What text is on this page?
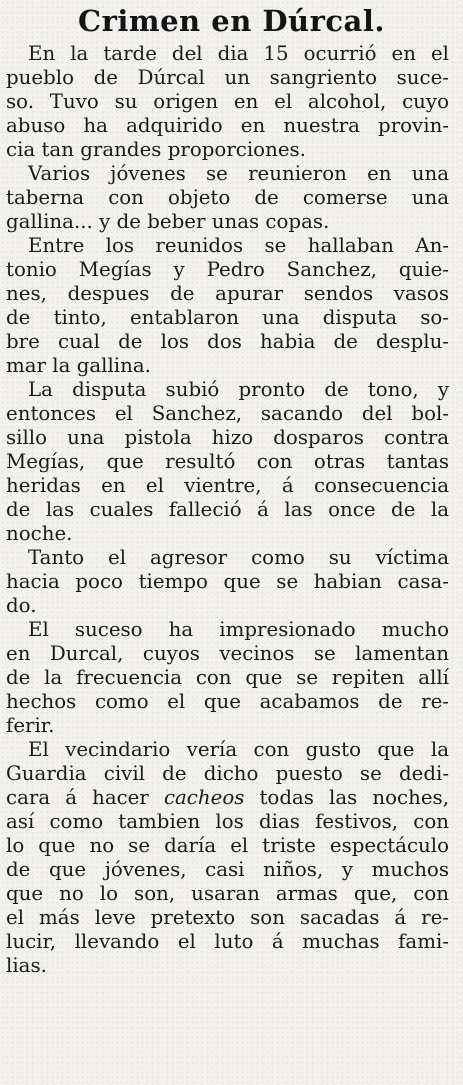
Crimen en Dúrcal.
En la tarde del dia 15 ocurrió en el
pueblo de Dúrcal un sangriento suce-
so. Tuvo su origen en el alcohol, cuyo
abuso ha adquirido en nuestra provin-
cia tan grandes proporciones.
Varios jóvenes se reunieron en una
taberna con objeto de comerse una
gallina... y de beber unas copas.
Entre los reunidos se hallaban An-
tonio Megías y Pedro Sanchez, quie-
nes, despues de apurar sendos vasos
de tinto, entablaron una disputa so-
bre cual de los dos habia de desplu-
mar la gallina.
La disputa subió pronto de tono, y
entonces el Sanchez, sacando del bol-
sillo una pistola hizo dosparos contra
Megías, que resultó con otras tantas
heridas en el vientre, á consecuencia
de las cuales falleció á las once de la
noche.
Tanto el agresor como su víctima
hacia poco tiempo que se habian casa-
do.
El suceso ha impresionado mucho
en Durcal, cuyos vecinos se lamentan
de la frecuencia con que se repiten allí
hechos como el que acabamos de re-
ferir.
El vecindario vería con gusto que la
Guardia civil de dicho puesto se dedi-
cara á hacer cacheos todas las noches,
así como tambien los dias festivos, con
lo que no se daría el triste espectáculo
de que jóvenes, casi niños, y muchos
que no lo son, usaran armas que, con
el más leve pretexto son sacadas á re-
lucir, llevando el luto á muchas fami-
lias.
